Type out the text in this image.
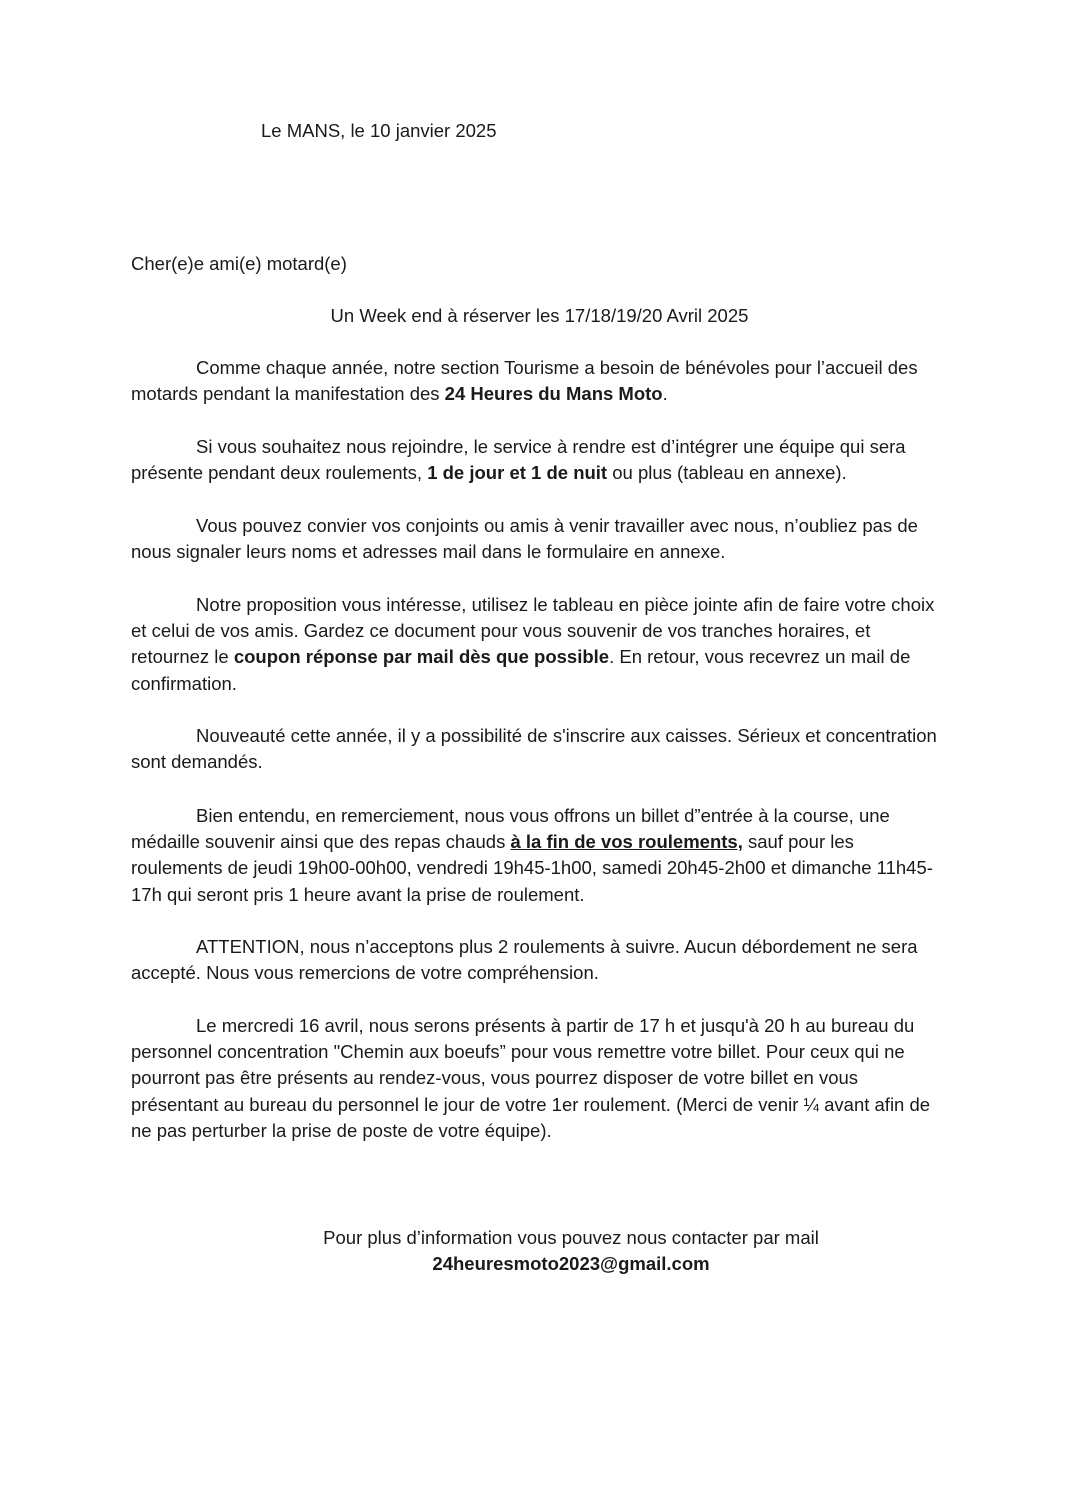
Le MANS, le 10 janvier 2025
Cher(e)e ami(e) motard(e)
Un Week end à réserver les 17/18/19/20 Avril 2025

Comme chaque année, notre section Tourisme a besoin de bénévoles pour l’accueil des motards pendant la manifestation des 24 Heures du Mans Moto.

Si vous souhaitez nous rejoindre, le service à rendre est d’intégrer une équipe qui sera présente pendant deux roulements, 1 de jour et 1 de nuit ou plus (tableau en annexe).

Vous pouvez convier vos conjoints ou amis à venir travailler avec nous, n’oubliez pas de nous signaler leurs noms et adresses mail dans le formulaire en annexe.

Notre proposition vous intéresse, utilisez le tableau en pièce jointe afin de faire votre choix et celui de vos amis. Gardez ce document pour vous souvenir de vos tranches horaires, et retournez le coupon réponse par mail dès que possible. En retour, vous recevrez un mail de confirmation.

Nouveauté cette année, il y a possibilité de s'inscrire aux caisses. Sérieux et concentration sont demandés.

Bien entendu, en remerciement, nous vous offrons un billet d”entrée à la course, une médaille souvenir ainsi que des repas chauds à la fin de vos roulements, sauf pour les roulements de jeudi 19h00-00h00, vendredi 19h45-1h00, samedi 20h45-2h00 et dimanche 11h45-17h qui seront pris 1 heure avant la prise de roulement.

ATTENTION, nous n’acceptons plus 2 roulements à suivre. Aucun débordement ne sera accepté. Nous vous remercions de votre compréhension.

Le mercredi 16 avril, nous serons présents à partir de 17 h et jusqu'à 20 h au bureau du personnel concentration "Chemin aux boeufs” pour vous remettre votre billet. Pour ceux qui ne pourront pas être présents au rendez-vous, vous pourrez disposer de votre billet en vous présentant au bureau du personnel le jour de votre 1er roulement. (Merci de venir ¼ avant afin de ne pas perturber la prise de poste de votre équipe).

Pour plus d’information vous pouvez nous contacter par mail
24heuresmoto2023@gmail.com
